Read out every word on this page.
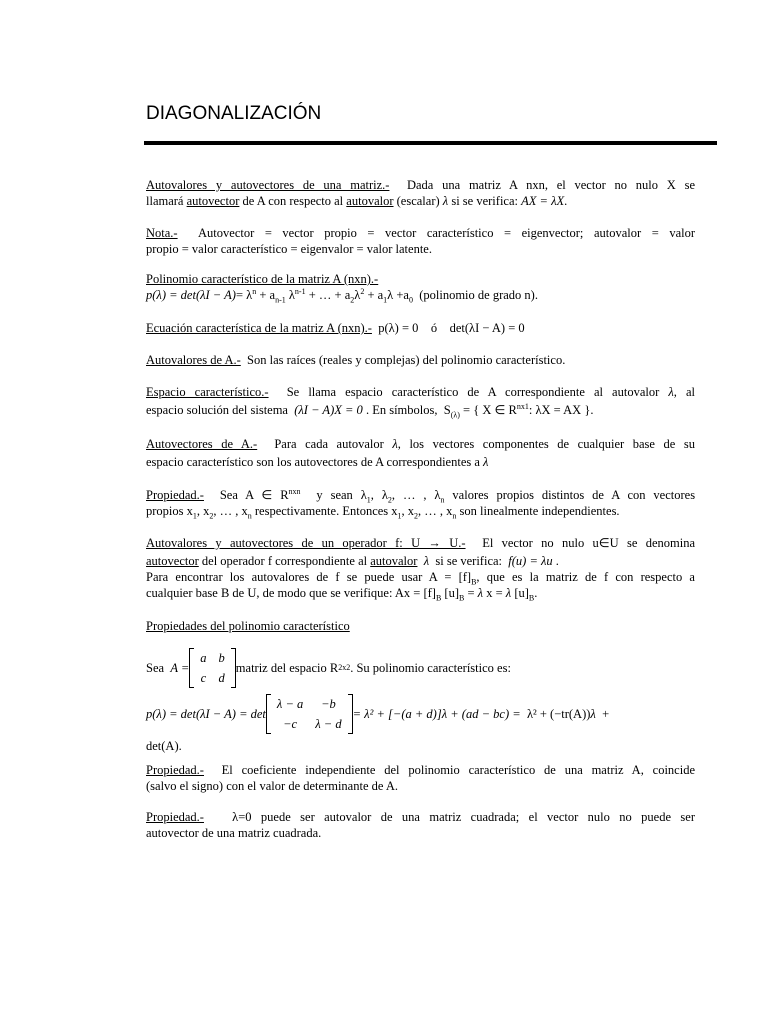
DIAGONALIZACIÓN
Autovalores y autovectores de una matriz.- Dada una matriz A nxn, el vector no nulo X se
llamará autovector de A con respecto al autovalor (escalar) λ si se verifica: AX = λX.
Nota.- Autovector = vector propio = vector característico = eigenvector; autovalor = valor
propio = valor característico = eigenvalor = valor latente.
Polinomio característico de la matriz A (nxn).-
$p(\lambda) = \det(\lambda I - A)= \lambda^n + a_{n-1}$ $\lambda^{n-1}$ + … + $a_2\lambda^2 + a_1\lambda +a_0$ (polinomio de grado n).
Ecuación característica de la matriz A (nxn).- p(λ) = 0 ó det(λI − A) = 0
Autovalores de A.- Son las raíces (reales y complejas) del polinomio característico.
Espacio característico.- Se llama espacio característico de A correspondiente al autovalor λ, al
espacio solución del sistema (λI − A)X = 0 . En símbolos, $S_{(\lambda)}$ = { X ∈ $R^{nx1}$: λX = AX }.
Autovectores de A.- Para cada autovalor λ, los vectores componentes de cualquier base de su
espacio característico son los autovectores de A correspondientes a λ
Propiedad.- Sea A ∈ $R^{nxn}$ y sean $\lambda_1$, $\lambda_2$, … , $\lambda_n$ valores propios distintos de A con vectores
propios $x_1$, $x_2$, … , $x_n$ respectivamente. Entonces $x_1$, $x_2$, … , $x_n$ son linealmente independientes.
Autovalores y autovectores de un operador f: U → U.- El vector no nulo u∈U se denomina
autovector del operador f correspondiente al autovalor λ si se verifica: f(u) = λu .
Para encontrar los autovalores de f se puede usar $A = [f]_B$, que es la matriz de f con respecto a
cualquier base B de U, de modo que se verifique: $Ax = [f]_B$ $[u]_B = \lambda$ x = λ $[u]_B$.
Propiedades del polinomio característico
Sea
A =
a	b
c	d
matriz del espacio R 2x2 . Su polinomio característico es:
p(λ) = det(λI − A) = det
λ − a	−b
−c	λ − d
= λ² + [−(a + d)]λ + (ad − bc) =
λ² + (−tr(A)) λ
+
det(A).
Propiedad.- El coeficiente independiente del polinomio característico de una matriz A, coincide
(salvo el signo) con el valor de determinante de A.
Propiedad.- λ=0 puede ser autovalor de una matriz cuadrada; el vector nulo no puede ser
autovector de una matriz cuadrada.
